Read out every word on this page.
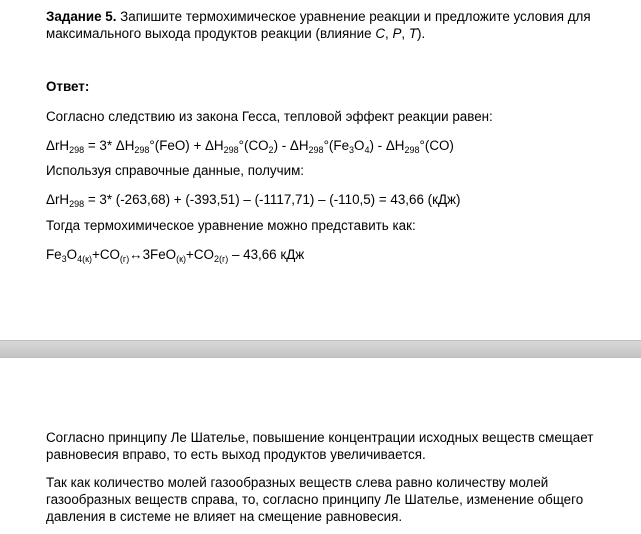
Задание 5. Запишите термохимическое уравнение реакции и предложите условия для
максимального выхода продуктов реакции (влияние C, P, T).
Ответ:
Согласно следствию из закона Гесса, тепловой эффект реакции равен:
ΔrH$_{298}$ = 3* $\Delta H_{298}^\circ(FeO) + \Delta H_{298}^\circ(CO_2) - \Delta H_{298}^\circ(Fe_3O_4) - \Delta H_{298}^\circ(CO)$
Используя справочные данные, получим:
ΔrH$_{298}$ = 3* (-263,68) + (-393,51) – (-1117,71) – (-110,5) = 43,66 (кДж)
Тогда термохимическое уравнение можно представить как:
$Fe_3O_{4(к)}+CO_{(г)}\leftrightarrow 3FeO_{(к)}+CO_{2(г)} - 43,66$ кДж
Согласно принципу Ле Шателье, повышение концентрации исходных веществ смещает
равновесия вправо, то есть выход продуктов увеличивается.
Так как количество молей газообразных веществ слева равно количеству молей
газообразных веществ справа, то, согласно принципу Ле Шателье, изменение общего
давления в системе не влияет на смещение равновесия.
